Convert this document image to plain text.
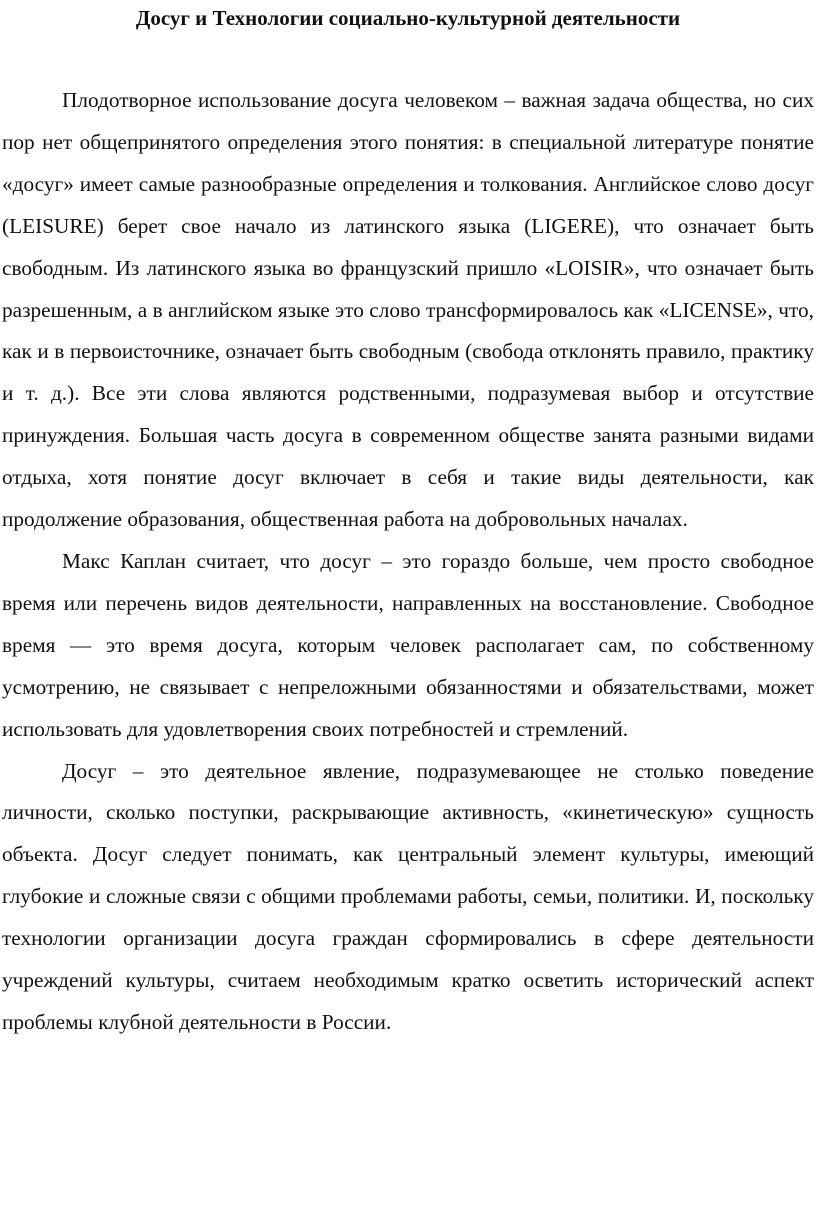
Досуг и Технологии социально-культурной деятельности

Плодотворное использование досуга человеком – важная задача общества, но сих пор нет общепринятого определения этого понятия: в специальной литературе понятие «досуг» имеет самые разнообразные определения и толкования. Английское слово досуг (LEISURE) берет свое начало из латинского языка (LIGERE), что означает быть свободным. Из латинского языка во французский пришло «LOISIR», что означает быть разрешенным, а в английском языке это слово трансформировалось как «LICENSE», что, как и в первоисточнике, означает быть свободным (свобода отклонять правило, практику и т. д.). Все эти слова являются родственными, подразумевая выбор и отсутствие принуждения. Большая часть досуга в современном обществе занята разными видами отдыха, хотя понятие досуг включает в себя и такие виды деятельности, как продолжение образования, общественная работа на добровольных началах.

Макс Каплан считает, что досуг – это гораздо больше, чем просто свободное время или перечень видов деятельности, направленных на восстановление. Свободное время — это время досуга, которым человек располагает сам, по собственному усмотрению, не связывает с непреложными обязанностями и обязательствами, может использовать для удовлетворения своих потребностей и стремлений.

Досуг – это деятельное явление, подразумевающее не столько поведение личности, сколько поступки, раскрывающие активность, «кинетическую» сущность объекта. Досуг следует понимать, как центральный элемент культуры, имеющий глубокие и сложные связи с общими проблемами работы, семьи, политики. И, поскольку технологии организации досуга граждан сформировались в сфере деятельности учреждений культуры, считаем необходимым кратко осветить исторический аспект проблемы клубной деятельности в России.
